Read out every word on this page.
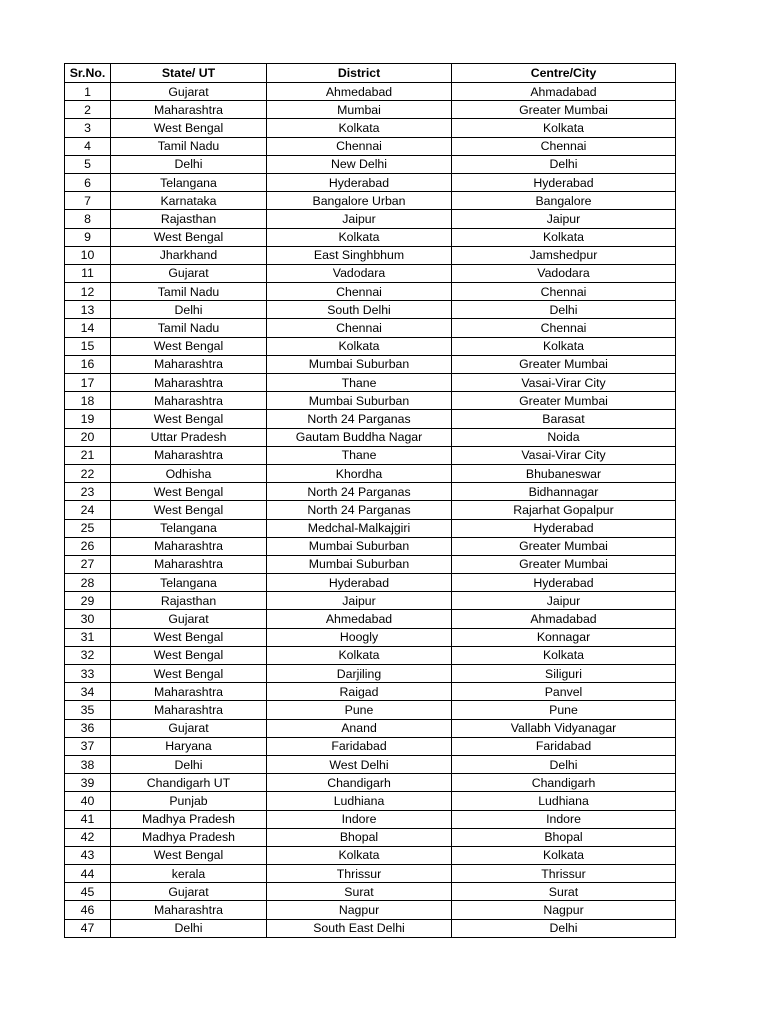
Sr.No.	State/ UT	District	Centre/City
1	Gujarat	Ahmedabad	Ahmadabad
2	Maharashtra	Mumbai	Greater Mumbai
3	West Bengal	Kolkata	Kolkata
4	Tamil Nadu	Chennai	Chennai
5	Delhi	New Delhi	Delhi
6	Telangana	Hyderabad	Hyderabad
7	Karnataka	Bangalore Urban	Bangalore
8	Rajasthan	Jaipur	Jaipur
9	West Bengal	Kolkata	Kolkata
10	Jharkhand	East Singhbhum	Jamshedpur
11	Gujarat	Vadodara	Vadodara
12	Tamil Nadu	Chennai	Chennai
13	Delhi	South Delhi	Delhi
14	Tamil Nadu	Chennai	Chennai
15	West Bengal	Kolkata	Kolkata
16	Maharashtra	Mumbai Suburban	Greater Mumbai
17	Maharashtra	Thane	Vasai-Virar City
18	Maharashtra	Mumbai Suburban	Greater Mumbai
19	West Bengal	North 24 Parganas	Barasat
20	Uttar Pradesh	Gautam Buddha Nagar	Noida
21	Maharashtra	Thane	Vasai-Virar City
22	Odhisha	Khordha	Bhubaneswar
23	West Bengal	North 24 Parganas	Bidhannagar
24	West Bengal	North 24 Parganas	Rajarhat Gopalpur
25	Telangana	Medchal-Malkajgiri	Hyderabad
26	Maharashtra	Mumbai Suburban	Greater Mumbai
27	Maharashtra	Mumbai Suburban	Greater Mumbai
28	Telangana	Hyderabad	Hyderabad
29	Rajasthan	Jaipur	Jaipur
30	Gujarat	Ahmedabad	Ahmadabad
31	West Bengal	Hoogly	Konnagar
32	West Bengal	Kolkata	Kolkata
33	West Bengal	Darjiling	Siliguri
34	Maharashtra	Raigad	Panvel
35	Maharashtra	Pune	Pune
36	Gujarat	Anand	Vallabh Vidyanagar
37	Haryana	Faridabad	Faridabad
38	Delhi	West Delhi	Delhi
39	Chandigarh UT	Chandigarh	Chandigarh
40	Punjab	Ludhiana	Ludhiana
41	Madhya Pradesh	Indore	Indore
42	Madhya Pradesh	Bhopal	Bhopal
43	West Bengal	Kolkata	Kolkata
44	kerala	Thrissur	Thrissur
45	Gujarat	Surat	Surat
46	Maharashtra	Nagpur	Nagpur
47	Delhi	South East Delhi	Delhi
